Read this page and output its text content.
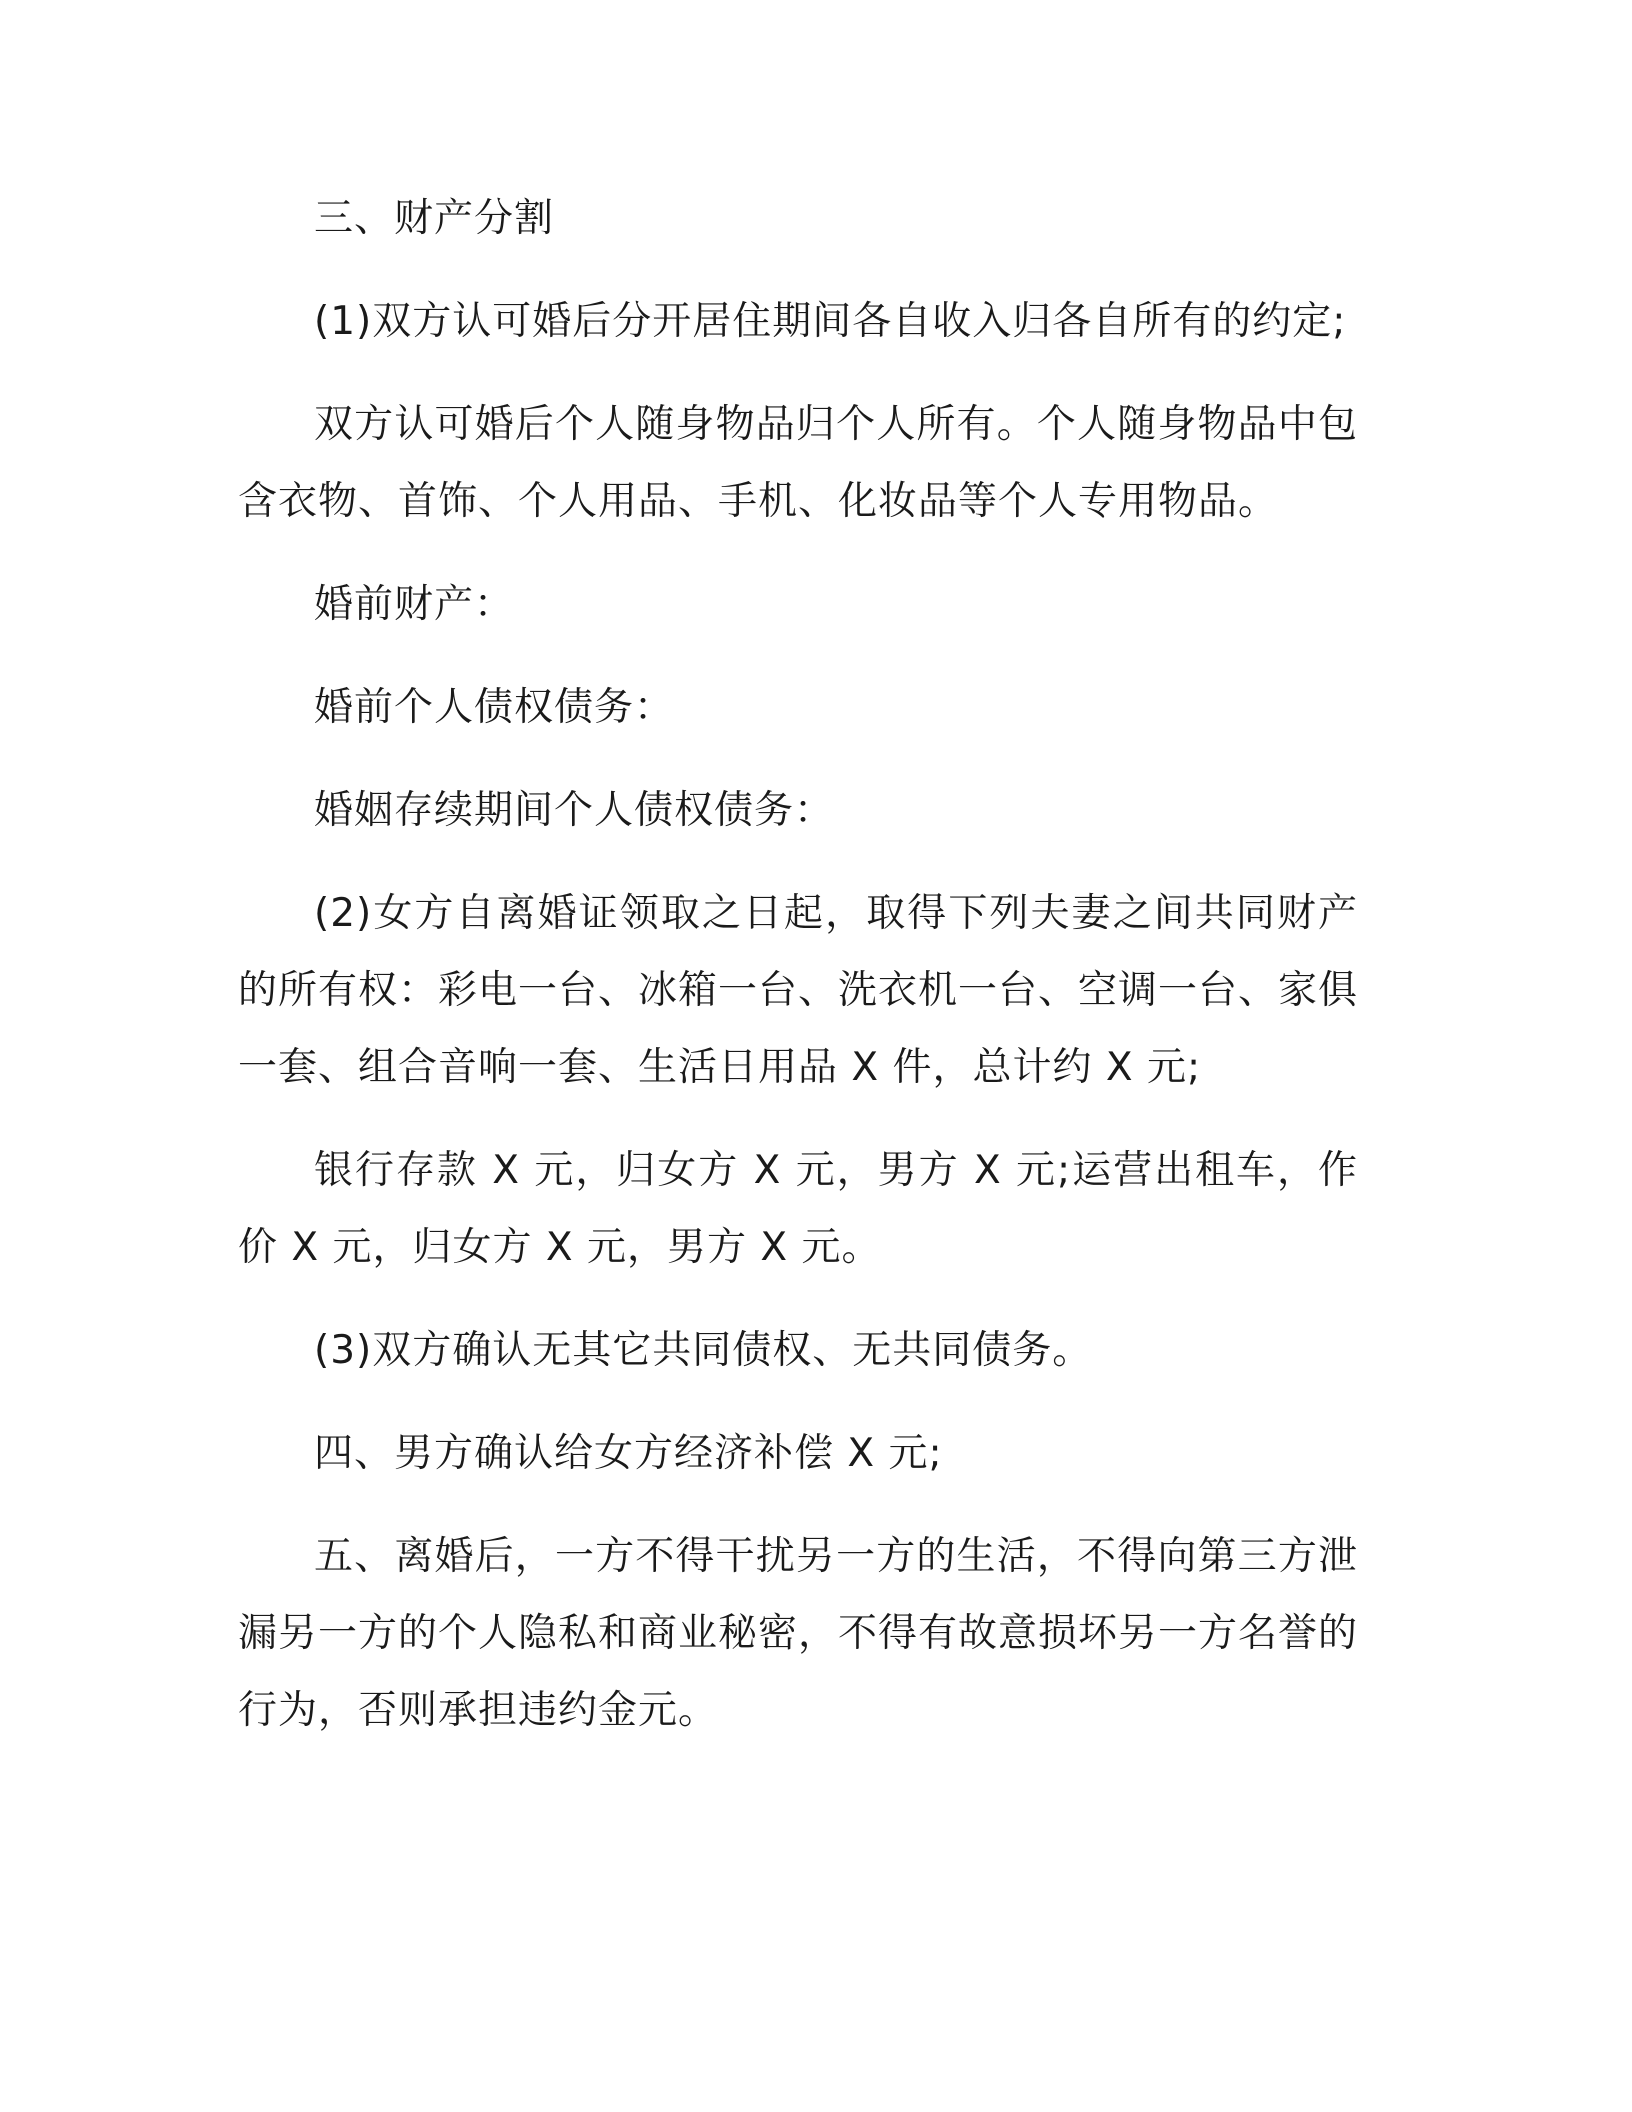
三、财产分割

(1)双方认可婚后分开居住期间各自收入归各自所有的约定;

双方认可婚后个人随身物品归个人所有。个人随身物品中包含衣物、首饰、个人用品、手机、化妆品等个人专用物品。

婚前财产：

婚前个人债权债务：

婚姻存续期间个人债权债务：

(2)女方自离婚证领取之日起，取得下列夫妻之间共同财产的所有权：彩电一台、冰箱一台、洗衣机一台、空调一台、家俱一套、组合音响一套、生活日用品 X 件，总计约 X 元;

银行存款 X 元，归女方 X 元，男方 X 元;运营出租车，作价 X 元，归女方 X 元，男方 X 元。

(3)双方确认无其它共同债权、无共同债务。

四、男方确认给女方经济补偿 X 元;

五、离婚后，一方不得干扰另一方的生活，不得向第三方泄漏另一方的个人隐私和商业秘密，不得有故意损坏另一方名誉的行为，否则承担违约金元。
